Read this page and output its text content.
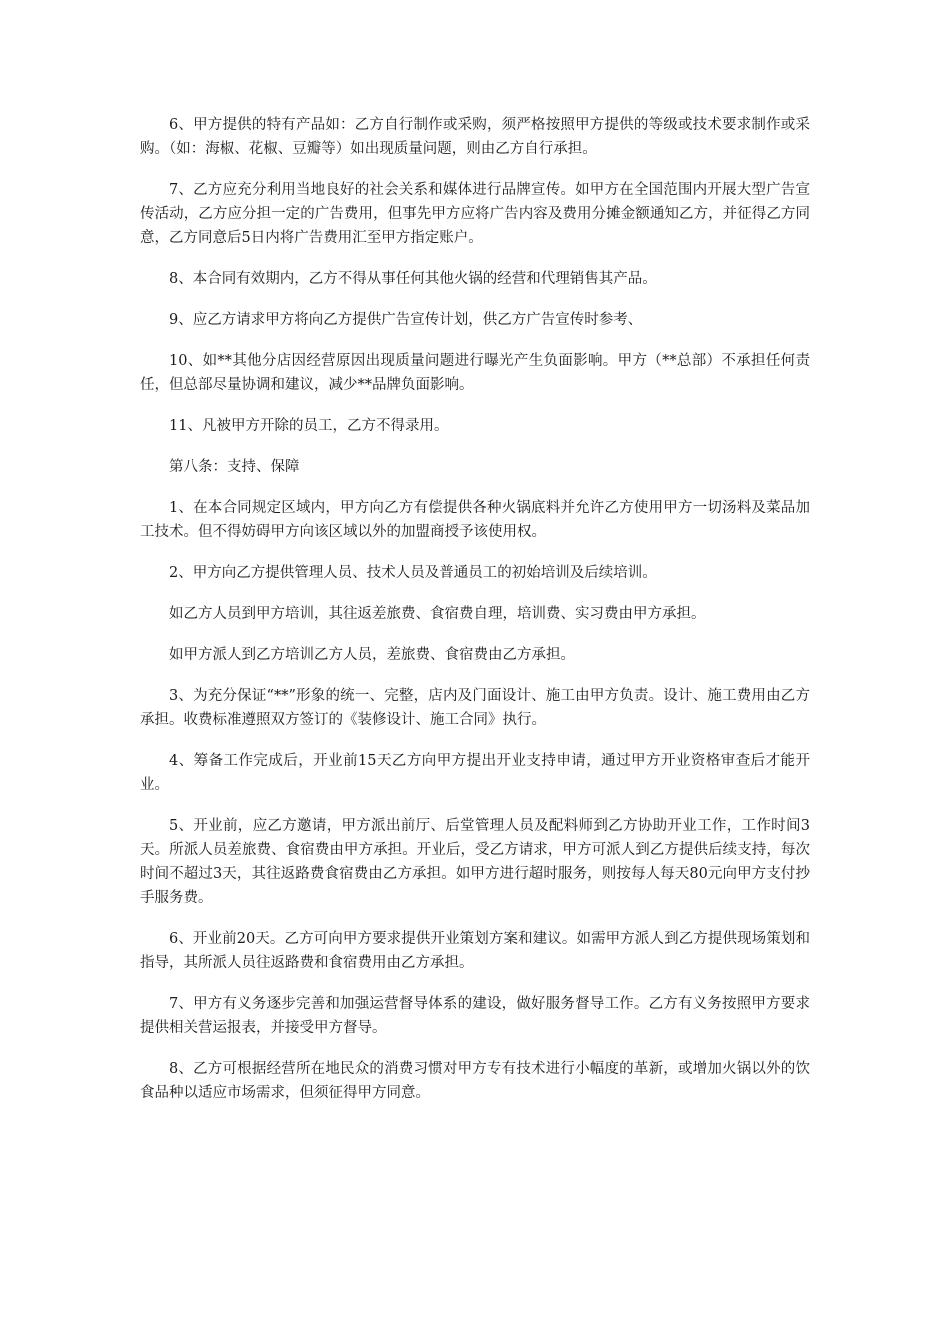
6、甲方提供的特有产品如：乙方自行制作或采购，须严格按照甲方提供的等级或技术要求制作或采购。（如：海椒、花椒、豆瓣等）如出现质量问题，则由乙方自行承担。

7、乙方应充分利用当地良好的社会关系和媒体进行品牌宣传。如甲方在全国范围内开展大型广告宣传活动，乙方应分担一定的广告费用，但事先甲方应将广告内容及费用分摊金额通知乙方，并征得乙方同意，乙方同意后5日内将广告费用汇至甲方指定账户。

8、本合同有效期内，乙方不得从事任何其他火锅的经营和代理销售其产品。

9、应乙方请求甲方将向乙方提供广告宣传计划，供乙方广告宣传时参考、

10、如**其他分店因经营原因出现质量问题进行曝光产生负面影响。甲方（**总部）不承担任何责任，但总部尽量协调和建议，减少**品牌负面影响。

11、凡被甲方开除的员工，乙方不得录用。

第八条：支持、保障

1、在本合同规定区域内，甲方向乙方有偿提供各种火锅底料并允许乙方使用甲方一切汤料及菜品加工技术。但不得妨碍甲方向该区域以外的加盟商授予该使用权。

2、甲方向乙方提供管理人员、技术人员及普通员工的初始培训及后续培训。

如乙方人员到甲方培训，其往返差旅费、食宿费自理，培训费、实习费由甲方承担。

如甲方派人到乙方培训乙方人员，差旅费、食宿费由乙方承担。

3、为充分保证“**”形象的统一、完整，店内及门面设计、施工由甲方负责。设计、施工费用由乙方承担。收费标准遵照双方签订的《装修设计、施工合同》执行。

4、筹备工作完成后，开业前15天乙方向甲方提出开业支持申请，通过甲方开业资格审查后才能开业。

5、开业前，应乙方邀请，甲方派出前厅、后堂管理人员及配料师到乙方协助开业工作，工作时间3天。所派人员差旅费、食宿费由甲方承担。开业后，受乙方请求，甲方可派人到乙方提供后续支持，每次时间不超过3天，其往返路费食宿费由乙方承担。如甲方进行超时服务，则按每人每天80元向甲方支付抄手服务费。

6、开业前20天。乙方可向甲方要求提供开业策划方案和建议。如需甲方派人到乙方提供现场策划和指导，其所派人员往返路费和食宿费用由乙方承担。

7、甲方有义务逐步完善和加强运营督导体系的建设，做好服务督导工作。乙方有义务按照甲方要求提供相关营运报表，并接受甲方督导。

8、乙方可根据经营所在地民众的消费习惯对甲方专有技术进行小幅度的革新，或增加火锅以外的饮食品种以适应市场需求，但须征得甲方同意。
